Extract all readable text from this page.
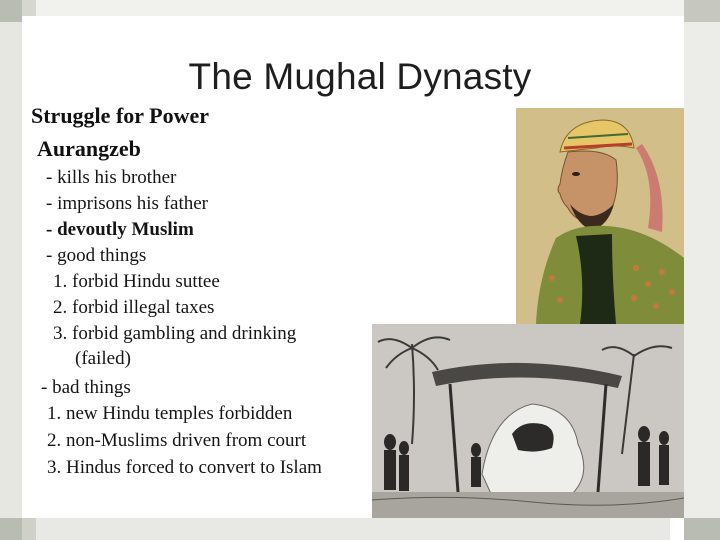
The Mughal Dynasty
Struggle for Power
Aurangzeb
- kills his brother
- imprisons his father
- devoutly Muslim
- good things
1. forbid Hindu suttee
2. forbid illegal taxes
3. forbid gambling and drinking
(failed)
- bad things
1. new Hindu temples forbidden
2. non-Muslims driven from court
3. Hindus forced to convert to Islam
